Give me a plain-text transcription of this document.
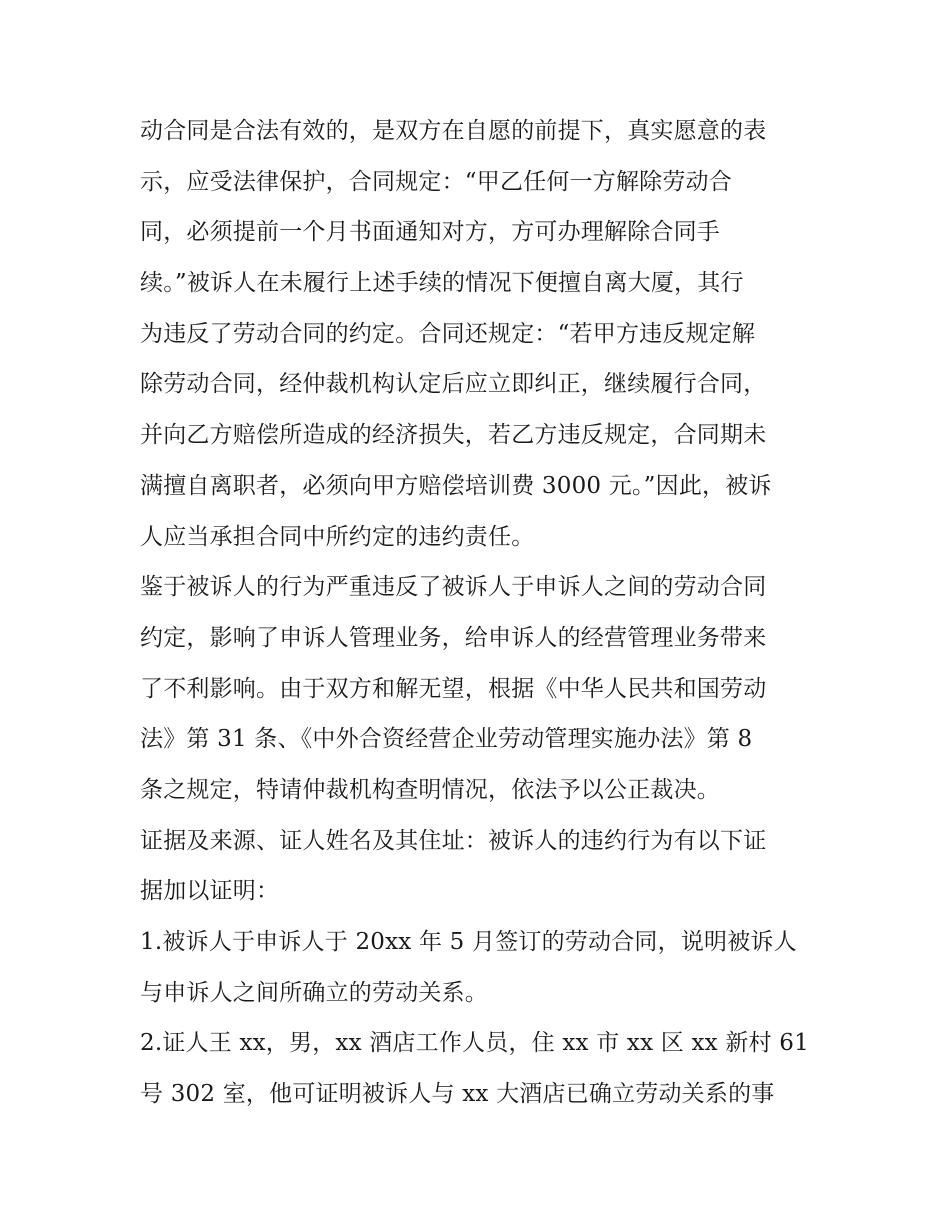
动合同是合法有效的，是双方在自愿的前提下，真实愿意的表
示，应受法律保护，合同规定：“甲乙任何一方解除劳动合
同，必须提前一个月书面通知对方，方可办理解除合同手
续。”被诉人在未履行上述手续的情况下便擅自离大厦，其行
为违反了劳动合同的约定。合同还规定：“若甲方违反规定解
除劳动合同，经仲裁机构认定后应立即纠正，继续履行合同，
并向乙方赔偿所造成的经济损失，若乙方违反规定，合同期未
满擅自离职者，必须向甲方赔偿培训费 3000 元。”因此，被诉
人应当承担合同中所约定的违约责任。
鉴于被诉人的行为严重违反了被诉人于申诉人之间的劳动合同
约定，影响了申诉人管理业务，给申诉人的经营管理业务带来
了不利影响。由于双方和解无望，根据《中华人民共和国劳动
法》第 31 条、《中外合资经营企业劳动管理实施办法》第 8
条之规定，特请仲裁机构查明情况，依法予以公正裁决。
证据及来源、证人姓名及其住址：被诉人的违约行为有以下证
据加以证明：
1.被诉人于申诉人于 20xx 年 5 月签订的劳动合同，说明被诉人
与申诉人之间所确立的劳动关系。
2.证人王 xx，男，xx 酒店工作人员，住 xx 市 xx 区 xx 新村 61
号 302 室，他可证明被诉人与 xx 大酒店已确立劳动关系的事
